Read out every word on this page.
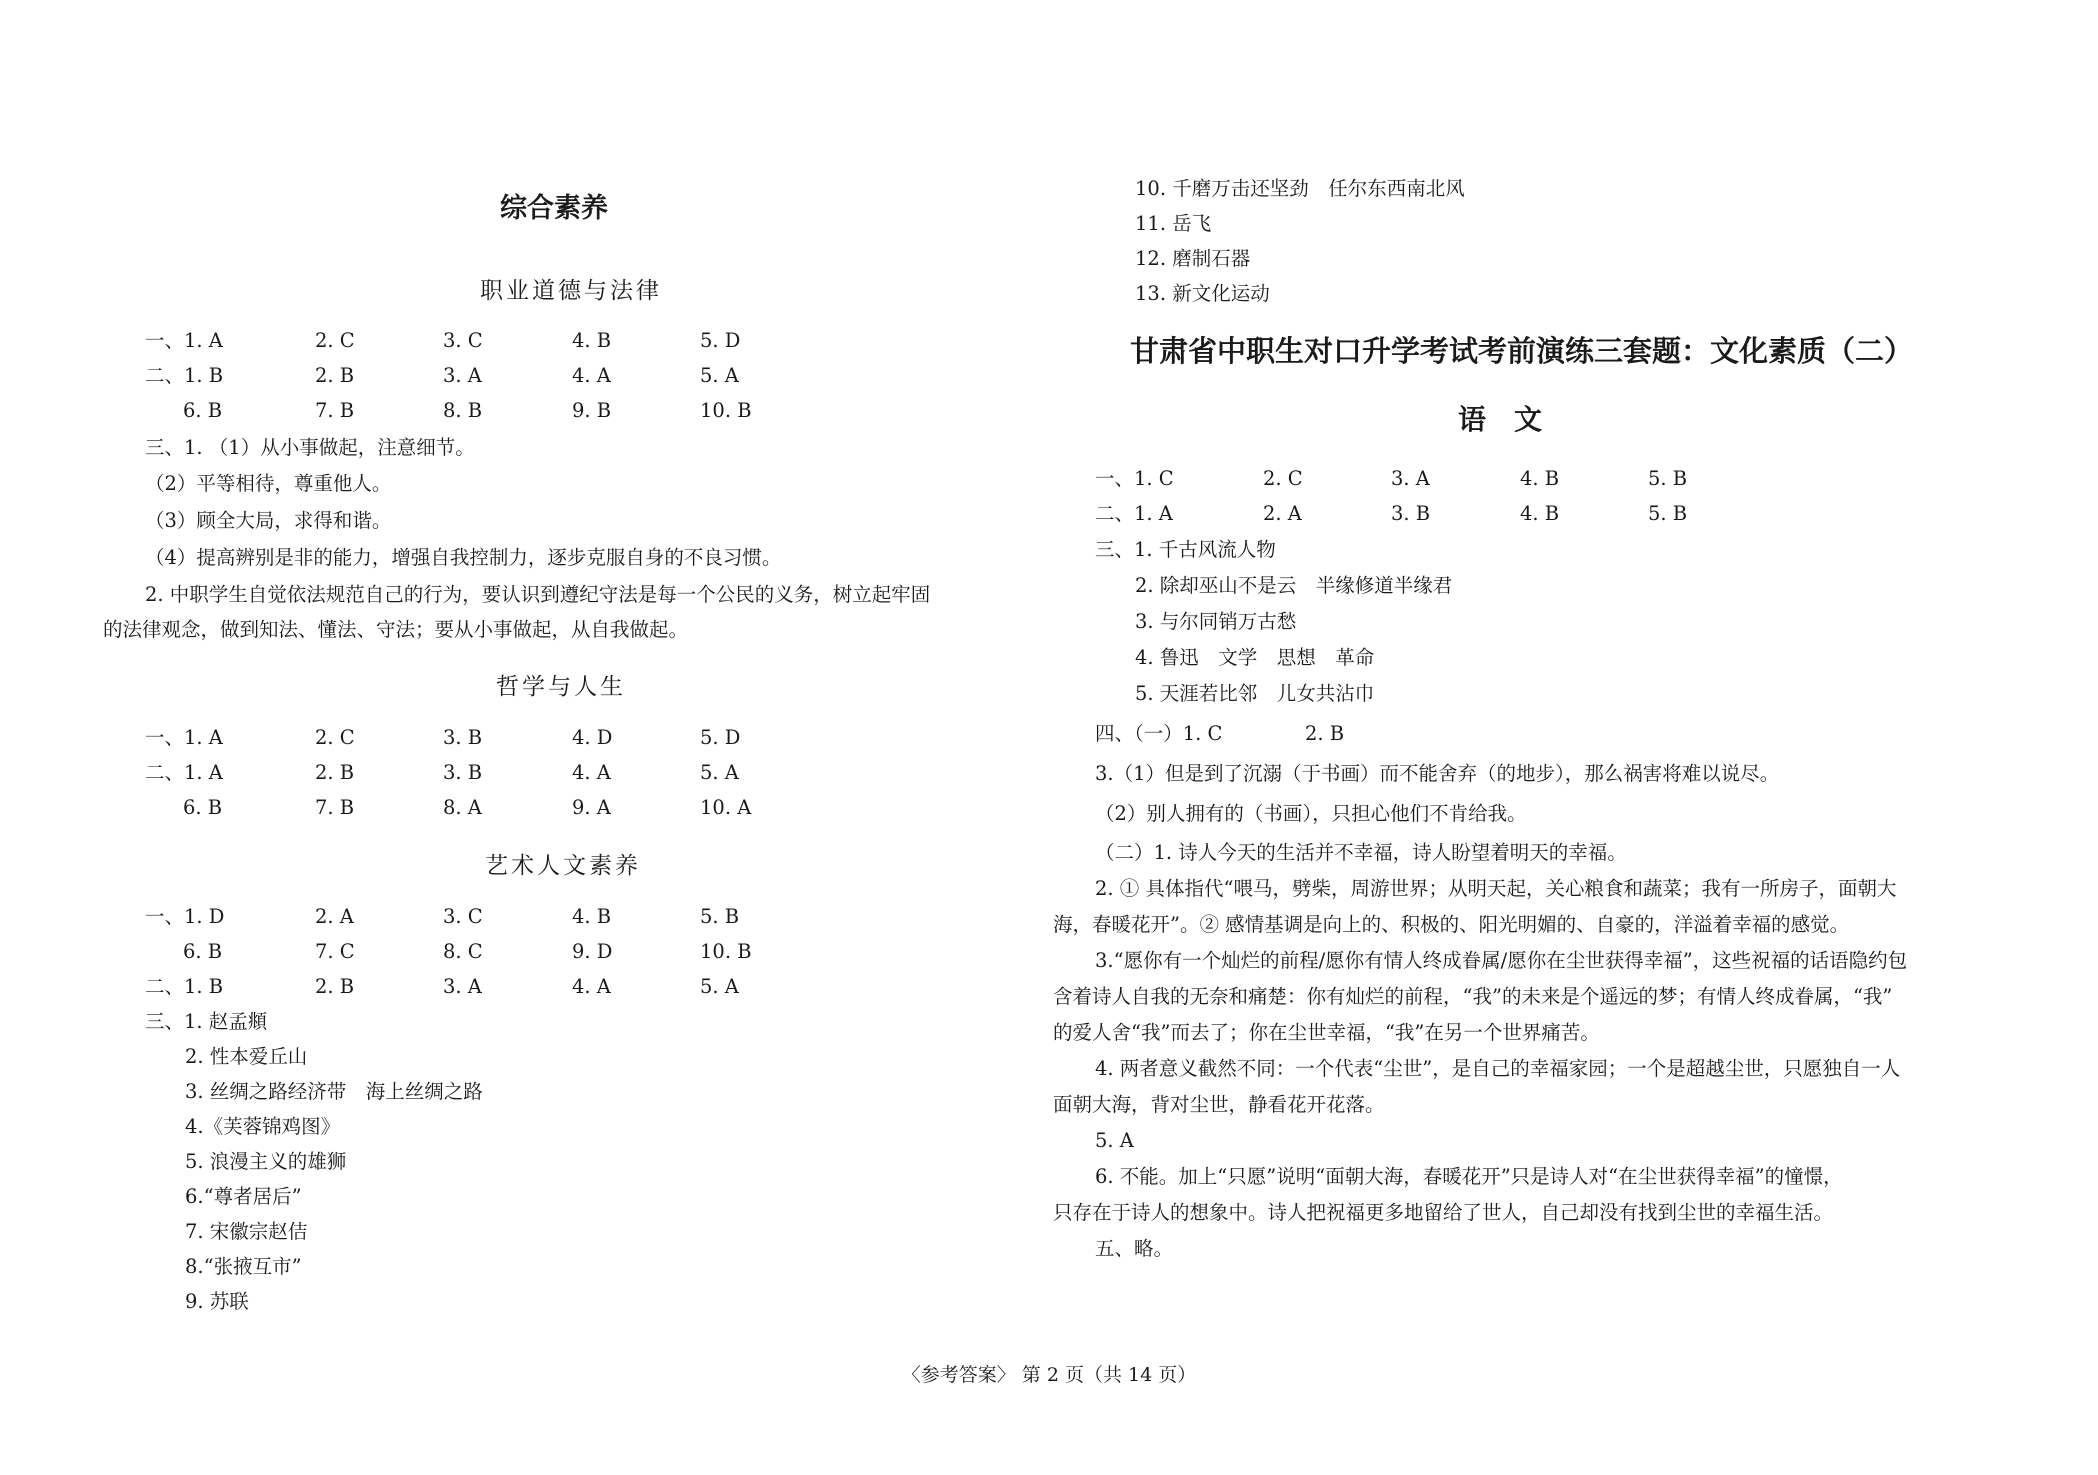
综合素养
职业道德与法律
一、1. A	2. C	3. C	4. B	5. D
二、1. B	2. B	3. A	4. A	5. A
6. B	7. B	8. B	9. B	10. B
三、1. （1）从小事做起，注意细节。
（2）平等相待，尊重他人。
（3）顾全大局，求得和谐。
（4）提高辨别是非的能力，增强自我控制力，逐步克服自身的不良习惯。
2. 中职学生自觉依法规范自己的行为，要认识到遵纪守法是每一个公民的义务，树立起牢固
的法律观念，做到知法、懂法、守法；要从小事做起，从自我做起。
哲学与人生
一、1. A	2. C	3. B	4. D	5. D
二、1. A	2. B	3. B	4. A	5. A
6. B	7. B	8. A	9. A	10. A
艺术人文素养
一、1. D	2. A	3. C	4. B	5. B
6. B	7. C	8. C	9. D	10. B
二、1. B	2. B	3. A	4. A	5. A
三、1. 赵孟頫
2. 性本爱丘山
3. 丝绸之路经济带　海上丝绸之路
4.《芙蓉锦鸡图》
5. 浪漫主义的雄狮
6.“尊者居后”
7. 宋徽宗赵佶
8.“张掖互市”
9. 苏联
10. 千磨万击还坚劲　任尔东西南北风
11. 岳飞
12. 磨制石器
13. 新文化运动
甘肃省中职生对口升学考试考前演练三套题：文化素质（二）
语　文
一、1. C	2. C	3. A	4. B	5. B
二、1. A	2. A	3. B	4. B	5. B
三、1. 千古风流人物
2. 除却巫山不是云　半缘修道半缘君
3. 与尔同销万古愁
4. 鲁迅　文学　思想　革命
5. 天涯若比邻　儿女共沾巾
四、（一）1. C	2. B
3.（1）但是到了沉溺（于书画）而不能舍弃（的地步），那么祸害将难以说尽。
（2）别人拥有的（书画），只担心他们不肯给我。
（二）1. 诗人今天的生活并不幸福，诗人盼望着明天的幸福。
2. ① 具体指代“喂马，劈柴，周游世界；从明天起，关心粮食和蔬菜；我有一所房子，面朝大
海，春暖花开”。② 感情基调是向上的、积极的、阳光明媚的、自豪的，洋溢着幸福的感觉。
3.“愿你有一个灿烂的前程/愿你有情人终成眷属/愿你在尘世获得幸福”，这些祝福的话语隐约包
含着诗人自我的无奈和痛楚：你有灿烂的前程，“我”的未来是个遥远的梦；有情人终成眷属，“我”
的爱人舍“我”而去了；你在尘世幸福，“我”在另一个世界痛苦。
4. 两者意义截然不同：一个代表“尘世”，是自己的幸福家园；一个是超越尘世，只愿独自一人
面朝大海，背对尘世，静看花开花落。
5. A
6. 不能。加上“只愿”说明“面朝大海，春暖花开”只是诗人对“在尘世获得幸福”的憧憬，
只存在于诗人的想象中。诗人把祝福更多地留给了世人，自己却没有找到尘世的幸福生活。
五、略。
〈参考答案〉 第 2 页（共 14 页）
